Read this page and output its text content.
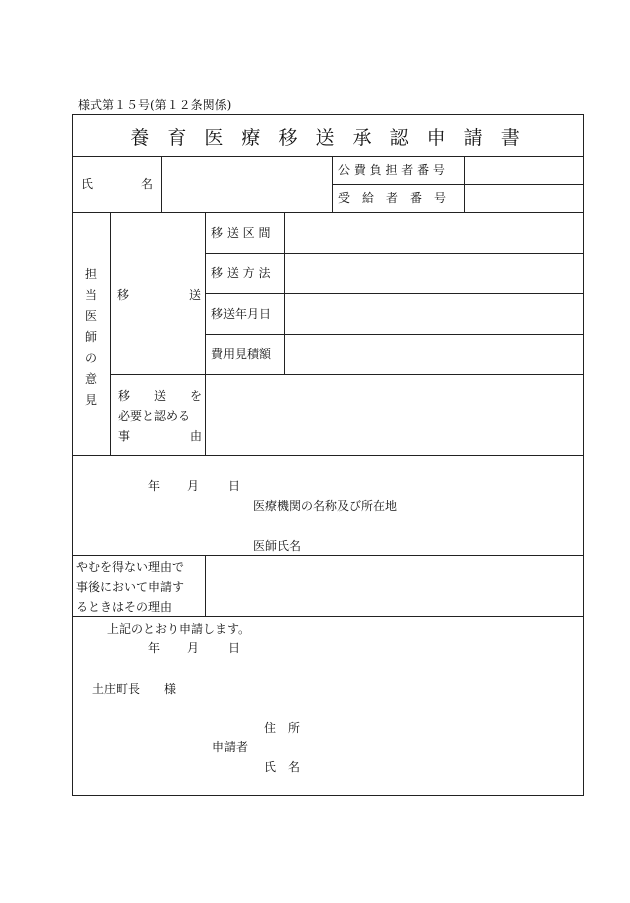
様式第１５号(第１２条関係)
養 育 医 療 移 送 承 認 申 請 書
氏　　　　名
公 費 負 担 者 番 号
受　給　者　番　号
担
当
医
師
の
意
見
移　　　　　送
移 送 区 間
移 送 方 法
移送年月日
費用見積額
移　　送　　を
必要と認める
事　　　　　由
年 月 日
医療機関の名称及び所在地
医師氏名
やむを得ない理由で
事後において申請す
るときはその理由
上記のとおり申請します。
年 月 日
土庄町長　　様
住　所
申請者
氏　名
